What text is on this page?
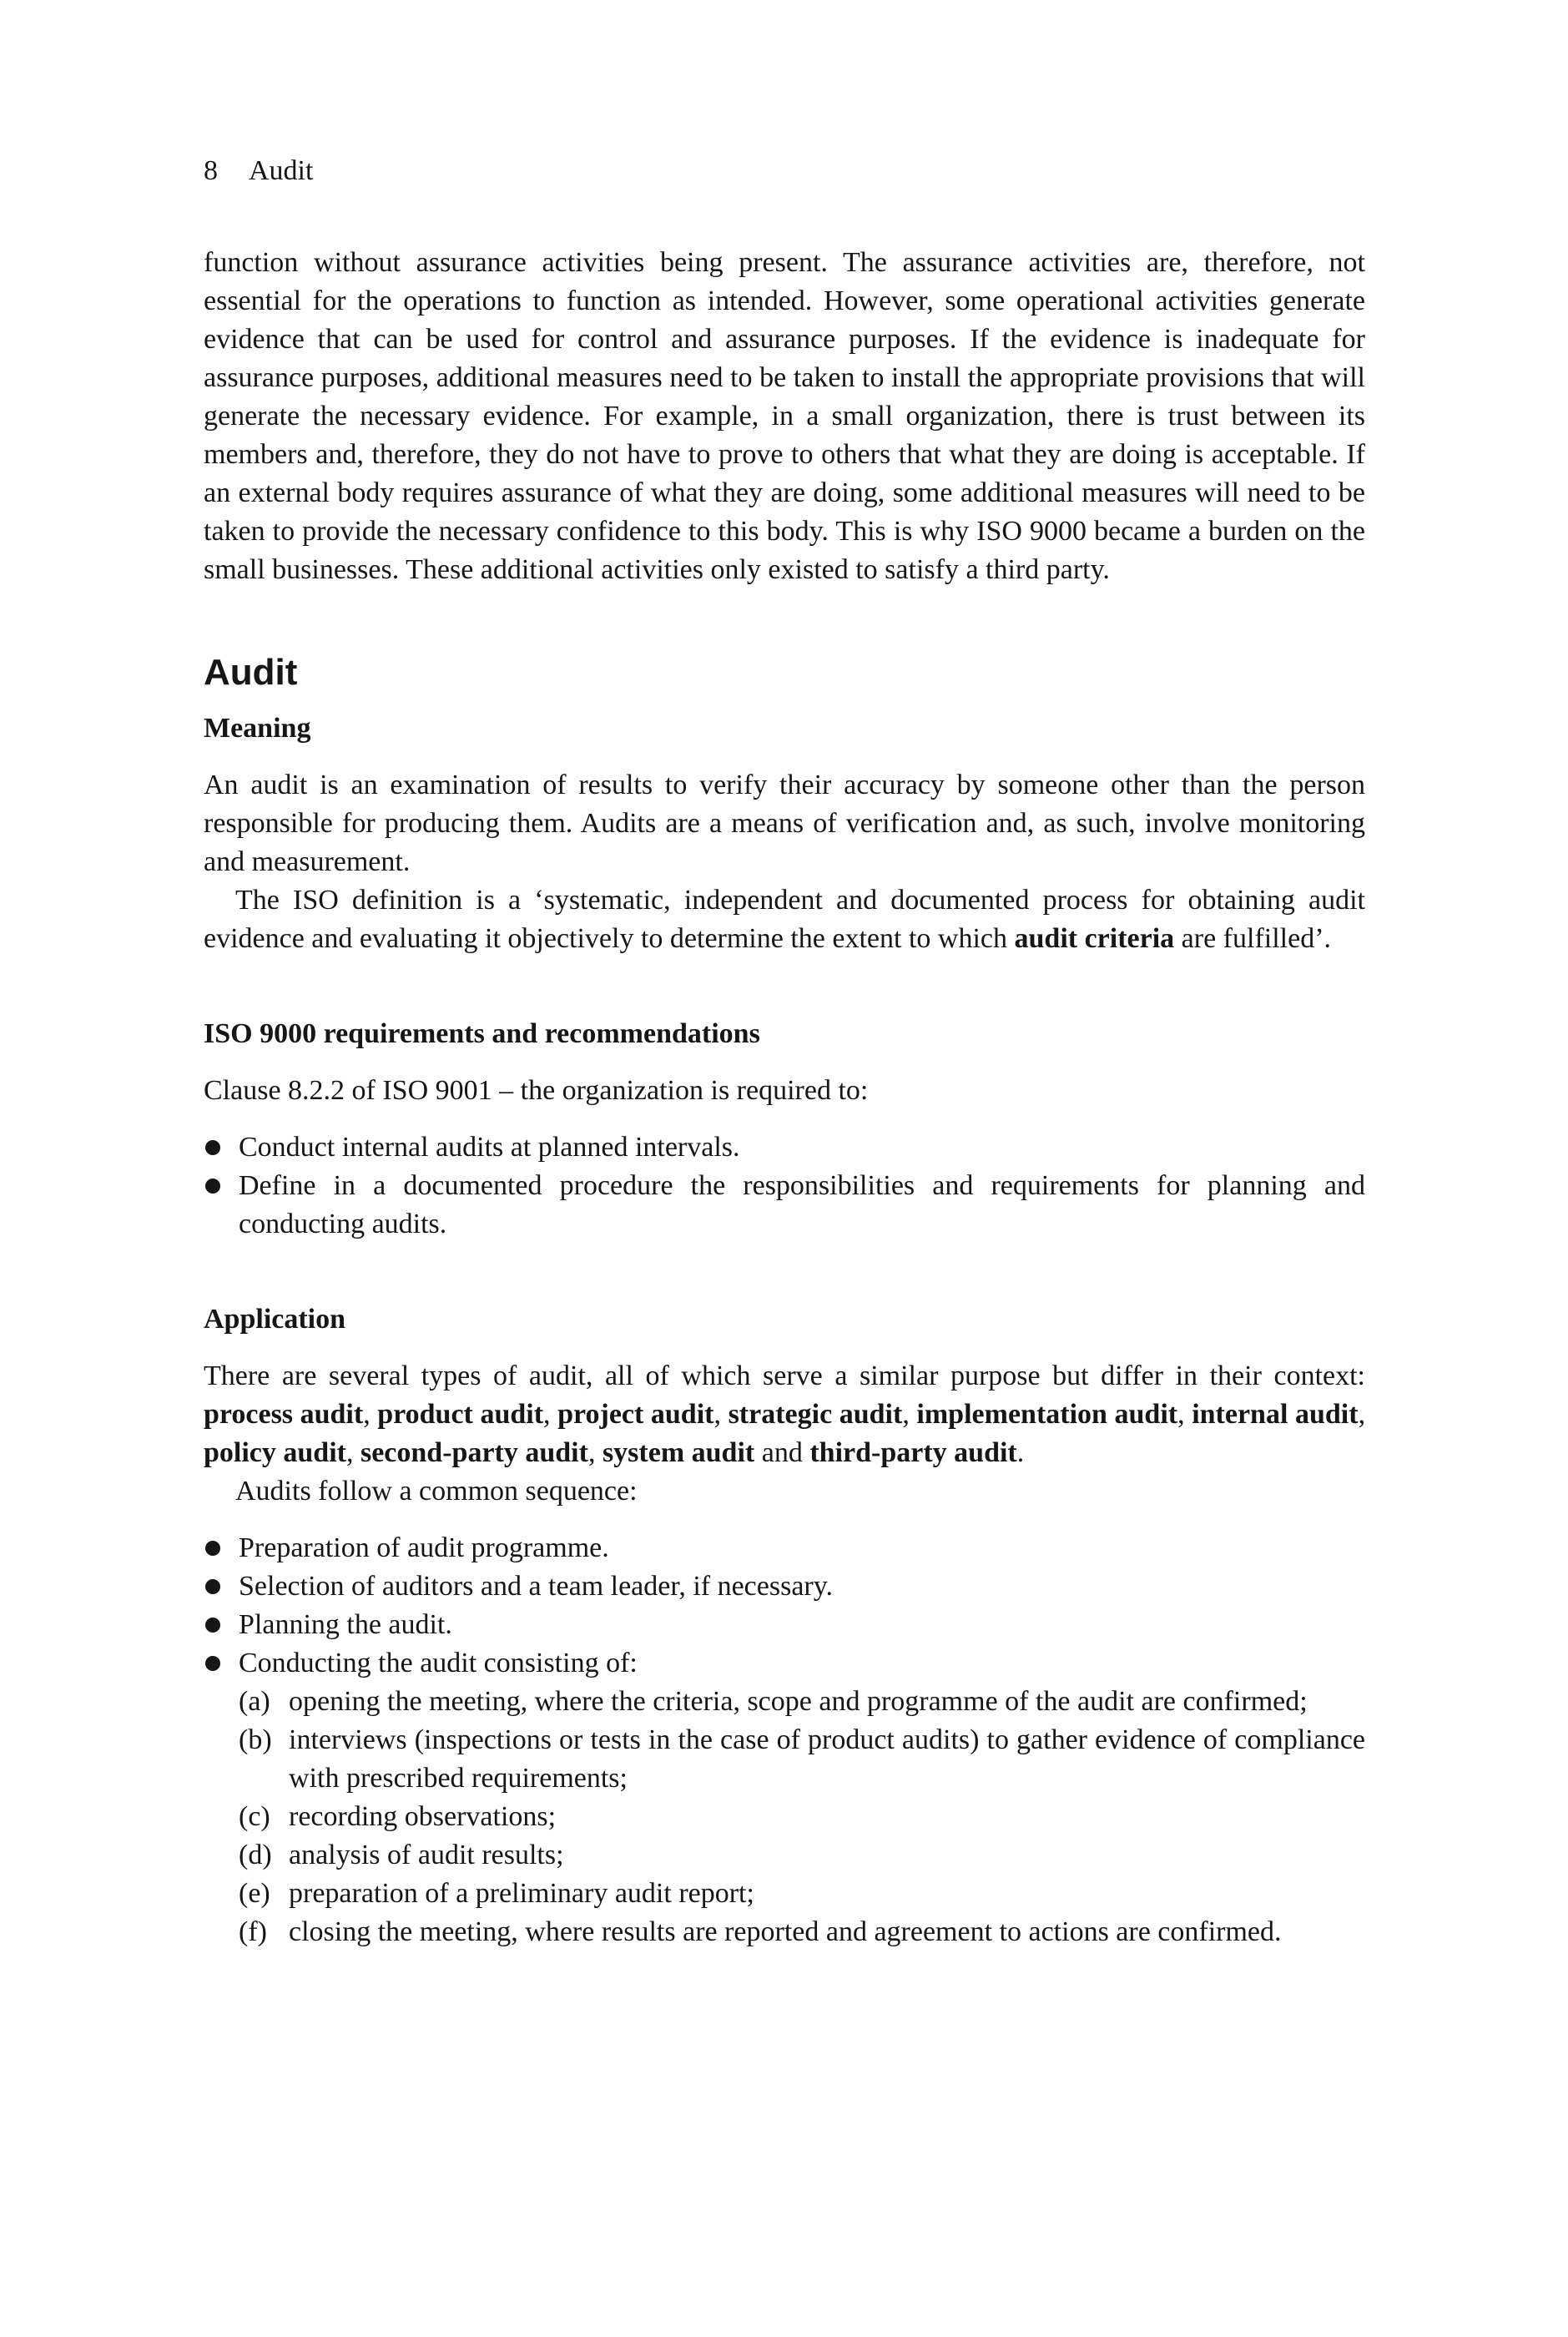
8 Audit

function without assurance activities being present. The assurance activities are, therefore, not essential for the operations to function as intended. However, some operational activities generate evidence that can be used for control and assurance purposes. If the evidence is inadequate for assurance purposes, additional measures need to be taken to install the appropriate provisions that will generate the necessary evidence. For example, in a small organization, there is trust between its members and, therefore, they do not have to prove to others that what they are doing is acceptable. If an external body requires assurance of what they are doing, some additional measures will need to be taken to provide the necessary confidence to this body. This is why ISO 9000 became a burden on the small businesses. These additional activities only existed to satisfy a third party.

Audit
Meaning

An audit is an examination of results to verify their accuracy by someone other than the person responsible for producing them. Audits are a means of verification and, as such, involve monitoring and measurement.

The ISO definition is a ‘systematic, independent and documented process for obtaining audit evidence and evaluating it objectively to determine the extent to which audit criteria are fulfilled’.

ISO 9000 requirements and recommendations

Clause 8.2.2 of ISO 9001 – the organization is required to:

Conduct internal audits at planned intervals.
Define in a documented procedure the responsibilities and requirements for planning and conducting audits.
Application

There are several types of audit, all of which serve a similar purpose but differ in their context: process audit, product audit, project audit, strategic audit, implementation audit, internal audit, policy audit, second-party audit, system audit and third-party audit.

Audits follow a common sequence:

Preparation of audit programme.
Selection of auditors and a team leader, if necessary.
Planning the audit.
Conducting the audit consisting of:
(a) opening the meeting, where the criteria, scope and programme of the audit are confirmed;
(b) interviews (inspections or tests in the case of product audits) to gather evidence of compliance with prescribed requirements;
(c) recording observations;
(d) analysis of audit results;
(e) preparation of a preliminary audit report;
(f) closing the meeting, where results are reported and agreement to actions are confirmed.
